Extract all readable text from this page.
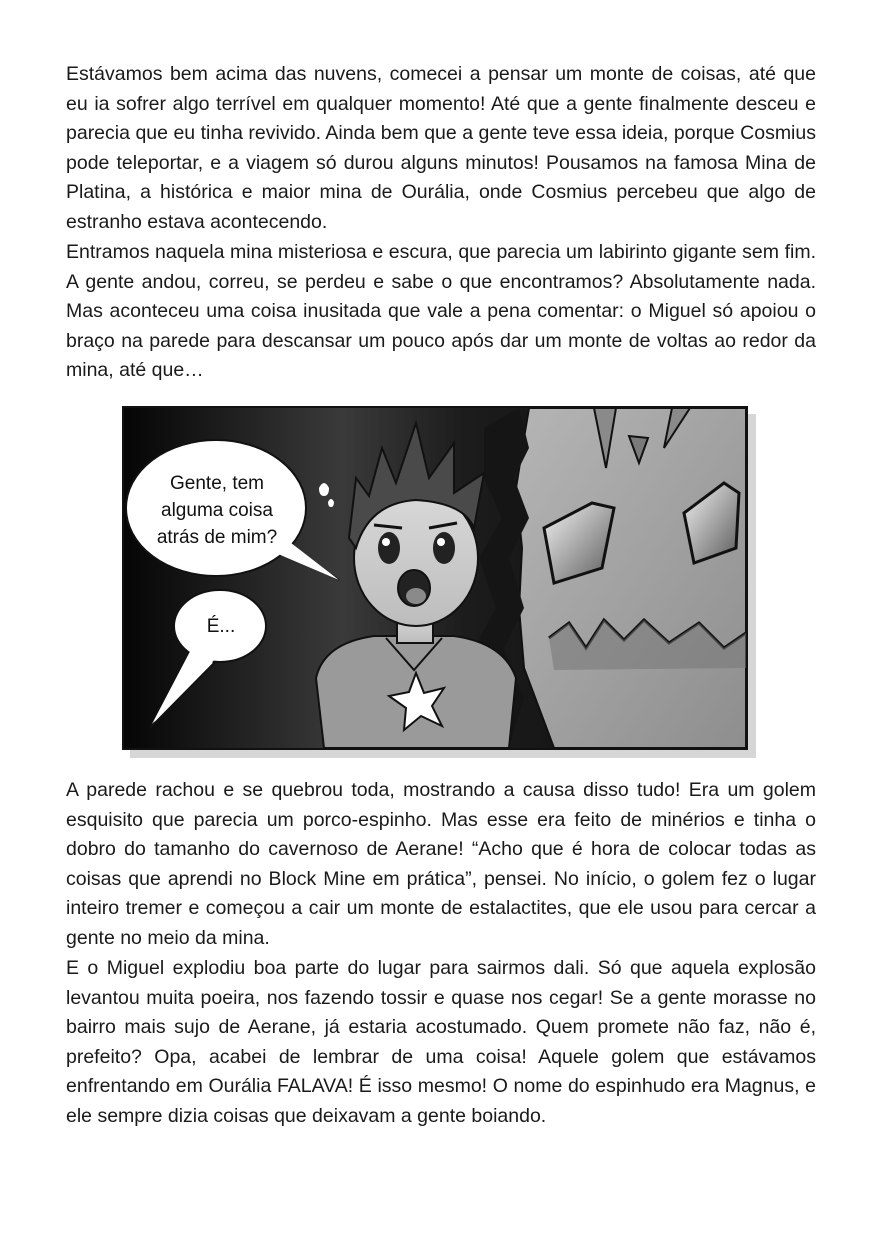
Estávamos bem acima das nuvens, comecei a pensar um monte de coisas, até que eu ia sofrer algo terrível em qualquer momento! Até que a gente finalmente desceu e parecia que eu tinha revivido. Ainda bem que a gente teve essa ideia, porque Cosmius pode teleportar, e a viagem só durou alguns minutos! Pousamos na famosa Mina de Platina, a histórica e maior mina de Ourália, onde Cosmius percebeu que algo de estranho estava acontecendo.

Entramos naquela mina misteriosa e escura, que parecia um labirinto gigante sem fim. A gente andou, correu, se perdeu e sabe o que encontramos? Absolutamente nada. Mas aconteceu uma coisa inusitada que vale a pena comentar: o Miguel só apoiou o braço na parede para descansar um pouco após dar um monte de voltas ao redor da mina, até que…

Gente, tem alguma coisa atrás de mim?
É...

A parede rachou e se quebrou toda, mostrando a causa disso tudo! Era um golem esquisito que parecia um porco-espinho. Mas esse era feito de minérios e tinha o dobro do tamanho do cavernoso de Aerane! “Acho que é hora de colocar todas as coisas que aprendi no Block Mine em prática”, pensei. No início, o golem fez o lugar inteiro tremer e começou a cair um monte de estalactites, que ele usou para cercar a gente no meio da mina.

E o Miguel explodiu boa parte do lugar para sairmos dali. Só que aquela explosão levantou muita poeira, nos fazendo tossir e quase nos cegar! Se a gente morasse no bairro mais sujo de Aerane, já estaria acostumado. Quem promete não faz, não é, prefeito? Opa, acabei de lembrar de uma coisa! Aquele golem que estávamos enfrentando em Ourália FALAVA! É isso mesmo! O nome do espinhudo era Magnus, e ele sempre dizia coisas que deixavam a gente boiando.
